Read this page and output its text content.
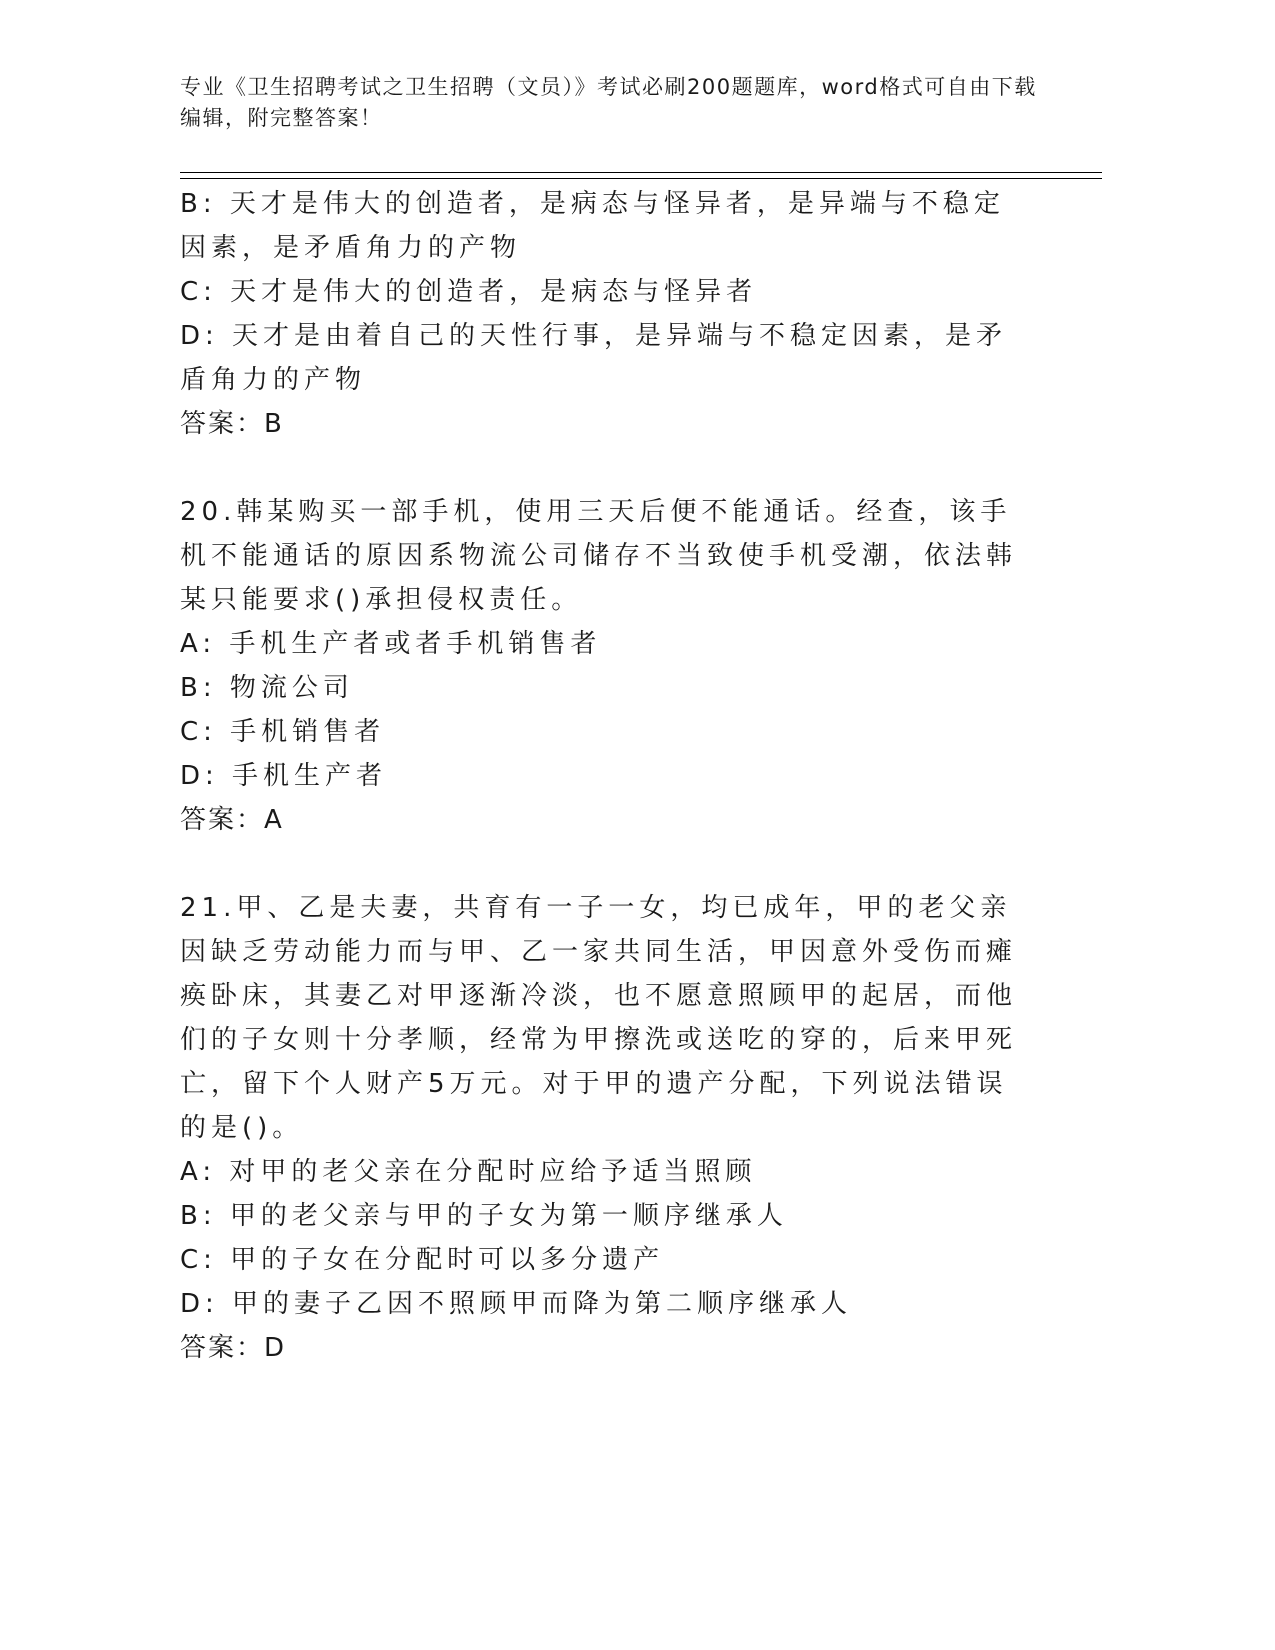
专业《卫生招聘考试之卫生招聘（文员）》考试必刷200题题库，word格式可自由下载编辑，附完整答案！

B: 天才是伟大的创造者，是病态与怪异者，是异端与不稳定因素，是矛盾角力的产物

C: 天才是伟大的创造者，是病态与怪异者

D: 天才是由着自己的天性行事，是异端与不稳定因素，是矛盾角力的产物

答案：B

20.韩某购买一部手机，使用三天后便不能通话。经查，该手机不能通话的原因系物流公司储存不当致使手机受潮，依法韩某只能要求()承担侵权责任。

A: 手机生产者或者手机销售者

B: 物流公司

C: 手机销售者

D: 手机生产者

答案：A

21.甲、乙是夫妻，共育有一子一女，均已成年，甲的老父亲因缺乏劳动能力而与甲、乙一家共同生活，甲因意外受伤而瘫痪卧床，其妻乙对甲逐渐冷淡，也不愿意照顾甲的起居，而他们的子女则十分孝顺，经常为甲擦洗或送吃的穿的，后来甲死亡，留下个人财产5万元。对于甲的遗产分配，下列说法错误的是()。

A: 对甲的老父亲在分配时应给予适当照顾

B: 甲的老父亲与甲的子女为第一顺序继承人

C: 甲的子女在分配时可以多分遗产

D: 甲的妻子乙因不照顾甲而降为第二顺序继承人

答案：D
